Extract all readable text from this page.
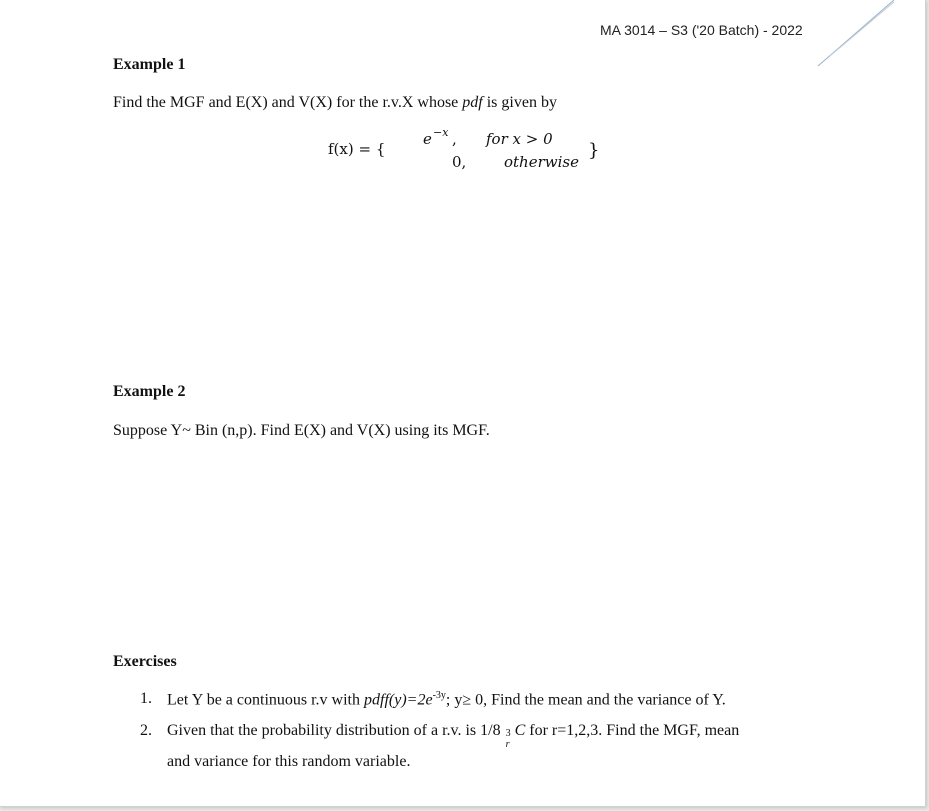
MA 3014 – S3 ('20 Batch) - 2022
Example 1
Find the MGF and E(X) and V(X) for the r.v.X whose pdf is given by
f(x) = {
e −x , for x > 0
0,	otherwise
}
Example 2
Suppose Y~ Bin (n,p). Find E(X) and V(X) using its MGF.
Exercises
1. Let Y be a continuous r.v with $pdff(y)=2e^{-3y}$; y≥ 0, Find the mean and the variance of Y.
2. Given that the probability distribution of a r.v. is 1/8 3
r
C for r=1,2,3. Find the MGF, mean
and variance for this random variable.
